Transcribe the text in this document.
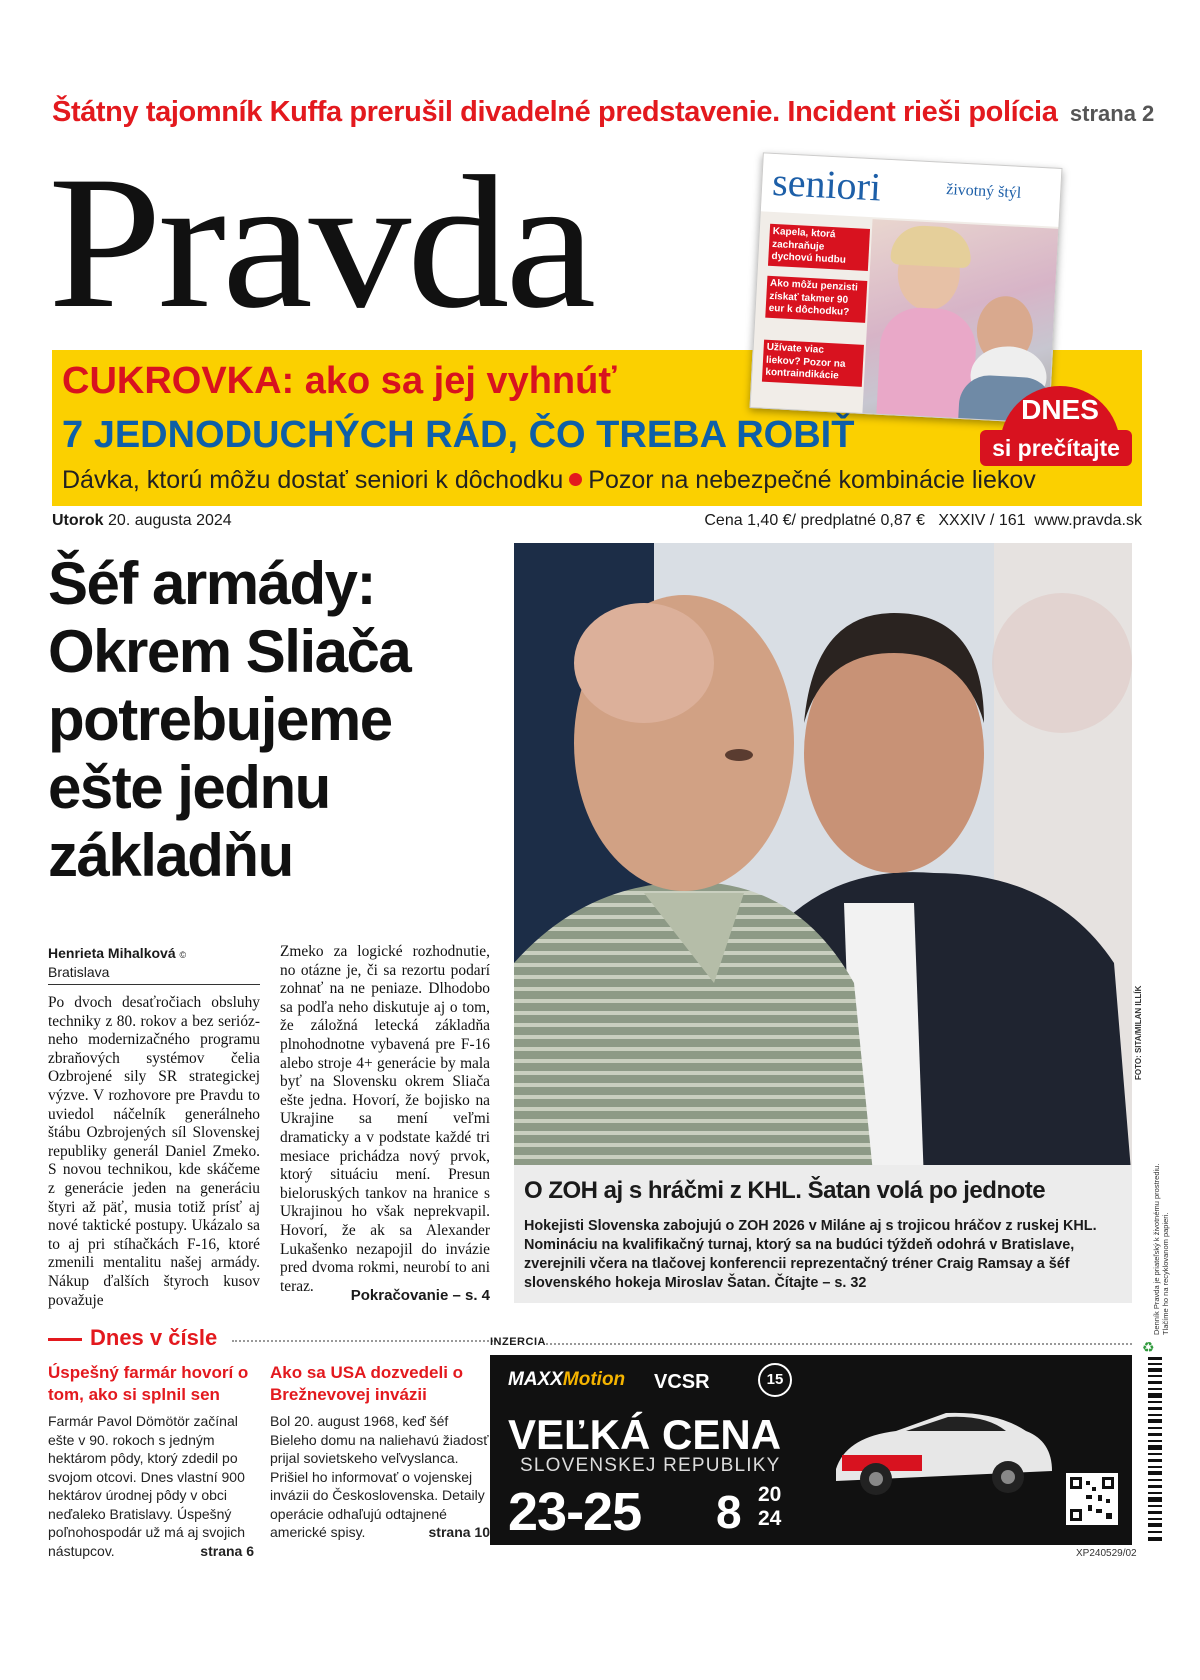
Štátny tajomník Kuffa prerušil divadelné predstavenie. Incident rieši polícia strana 2
Pravda
CUKROVKA: ako sa jej vyhnúť
7 JEDNODUCHÝCH RÁD, ČO TREBA ROBIŤ
Dávka, ktorú môžu dostať seniori k dôchodku Pozor na nebezpečné kombinácie liekov
seniori	životný štýl
Kapela, ktorá zachraňuje dychovú hudbu
Ako môžu penzisti získať takmer 90 eur k dôchodku?
Užívate viac liekov? Pozor na kontraindikácie
DNES
si prečítajte
Utorok 20. augusta 2024	Cena 1,40 €/ predplatné 0,87 € XXXIV / 161 www.pravda.sk
Šéf armády: Okrem Sliača potrebujeme ešte jednu základňu
Henrieta Mihalková ©
Bratislava
Po dvoch desaťročiach obsluhy techniky z 80. rokov a bez seriózneho modernizačného programu zbraňových systémov čelia Ozbrojené sily SR strategickej výzve. V rozhovore pre Pravdu to uviedol náčelník generálneho štábu Ozbrojených síl Slovenskej republiky generál Daniel Zmeko. S novou technikou, kde skáčeme z generácie jeden na generáciu štyri až päť, musia totiž prísť aj nové taktické postupy. Ukázalo sa to aj pri stíhačkách F-16, ktoré zmenili mentalitu našej armády. Nákup ďalších štyroch kusov považuje
Zmeko za logické rozhodnutie, no otázne je, či sa rezortu podarí zohnať na ne peniaze. Dlhodobo sa podľa neho diskutuje aj o tom, že záložná letecká základňa plnohodnotne vybavená pre F-16 alebo stroje 4+ generácie by mala byť na Slovensku okrem Sliača ešte jedna. Hovorí, že bojisko na Ukrajine sa mení veľmi dramaticky a v podstate každé tri mesiace prichádza nový prvok, ktorý situáciu mení. Presun bieloruských tankov na hranice s Ukrajinou ho však neprekvapil. Hovorí, že ak sa Alexander Lukašenko nezapojil do invázie pred dvoma rokmi, neurobí to ani teraz.
Pokračovanie – s. 4
FOTO: SITA/MILAN ILLÍK
O ZOH aj s hráčmi z KHL. Šatan volá po jednote
Hokejisti Slovenska zabojujú o ZOH 2026 v Miláne aj s trojicou hráčov z ruskej KHL. Nomináciu na kvalifikačný turnaj, ktorý sa na budúci týždeň odohrá v Bratislave, zverejnili včera na tlačovej konferencii reprezentačný tréner Craig Ramsay a šéf slovenského hokeja Miroslav Šatan. Čítajte – s. 32
Dnes v čísle
Úspešný farmár hovorí o tom, ako si splnil sen
Farmár Pavol Dömötör začínal ešte v 90. rokoch s jedným hektárom pôdy, ktorý zdedil po svojom otcovi. Dnes vlastní 900 hektárov úrodnej pôdy v obci neďaleko Bratislavy. Úspešný poľnohospodár už má aj svojich nástupcov.	strana 6
Ako sa USA dozvedeli o Brežnevovej invázii
Bol 20. august 1968, keď šéf Bieleho domu na naliehavú žiadosť prijal sovietskeho veľvyslanca. Prišiel ho informovať o vojenskej invázii do Československa. Detaily operácie odhaľujú odtajnené americké spisy.	strana 10
INZERCIA
MAXXMotion VCSR	15
VEĽKÁ CENA
SLOVENSKEJ REPUBLIKY
23-25 8 20
24
XP240529/02
♻
Denník Pravda je priateľský k životnému prostrediu. Tlačíme ho na recyklovanom papieri.
